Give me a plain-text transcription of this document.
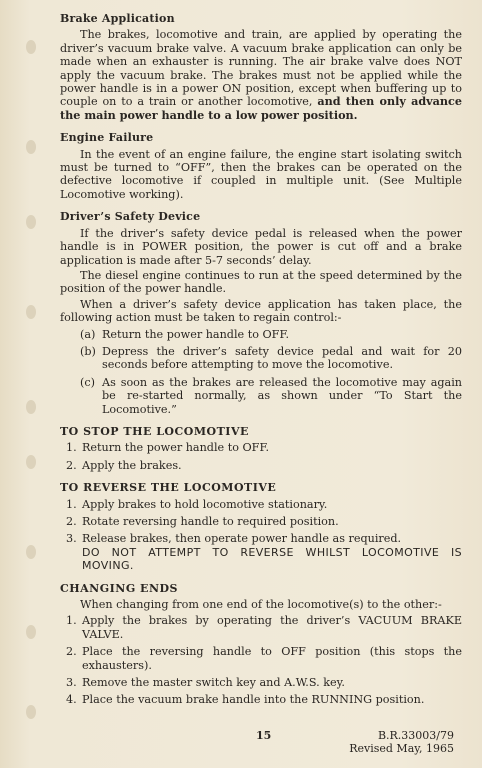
Brake Application

The brakes, locomotive and train, are applied by operating the driver’s vacuum brake valve. A vacuum brake application can only be made when an exhauster is running. The air brake valve does NOT apply the vacuum brake. The brakes must not be applied while the power handle is in a power ON position, except when buffering up to couple on to a train or another locomotive, and then only advance the main power handle to a low power position.

Engine Failure

In the event of an engine failure, the engine start isolating switch must be turned to “OFF”, then the brakes can be operated on the defective locomotive if coupled in multiple unit. (See Multiple Locomotive working).

Driver’s Safety Device

If the driver’s safety device pedal is released when the power handle is in POWER position, the power is cut off and a brake application is made after 5-7 seconds’ delay.

The diesel engine continues to run at the speed determined by the position of the power handle.

When a driver’s safety device application has taken place, the following action must be taken to regain control:-

(a) Return the power handle to OFF.
(b) Depress the driver’s safety device pedal and wait for 20 seconds before attempting to move the locomotive.
(c) As soon as the brakes are released the locomotive may again be re-started normally, as shown under “To Start the Locomotive.”
TO STOP THE LOCOMOTIVE
1. Return the power handle to OFF.
2. Apply the brakes.
TO REVERSE THE LOCOMOTIVE
1. Apply brakes to hold locomotive stationary.
2. Rotate reversing handle to required position.
3. Release brakes, then operate power handle as required.
DO NOT ATTEMPT TO REVERSE WHILST LOCOMOTIVE IS MOVING.
CHANGING ENDS

When changing from one end of the locomotive(s) to the other:-

1. Apply the brakes by operating the driver’s VACUUM BRAKE VALVE.
2. Place the reversing handle to OFF position (this stops the exhausters).
3. Remove the master switch key and A.W.S. key.
4. Place the vacuum brake handle into the RUNNING position.
15	B.R.33003/79
Revised May, 1965
